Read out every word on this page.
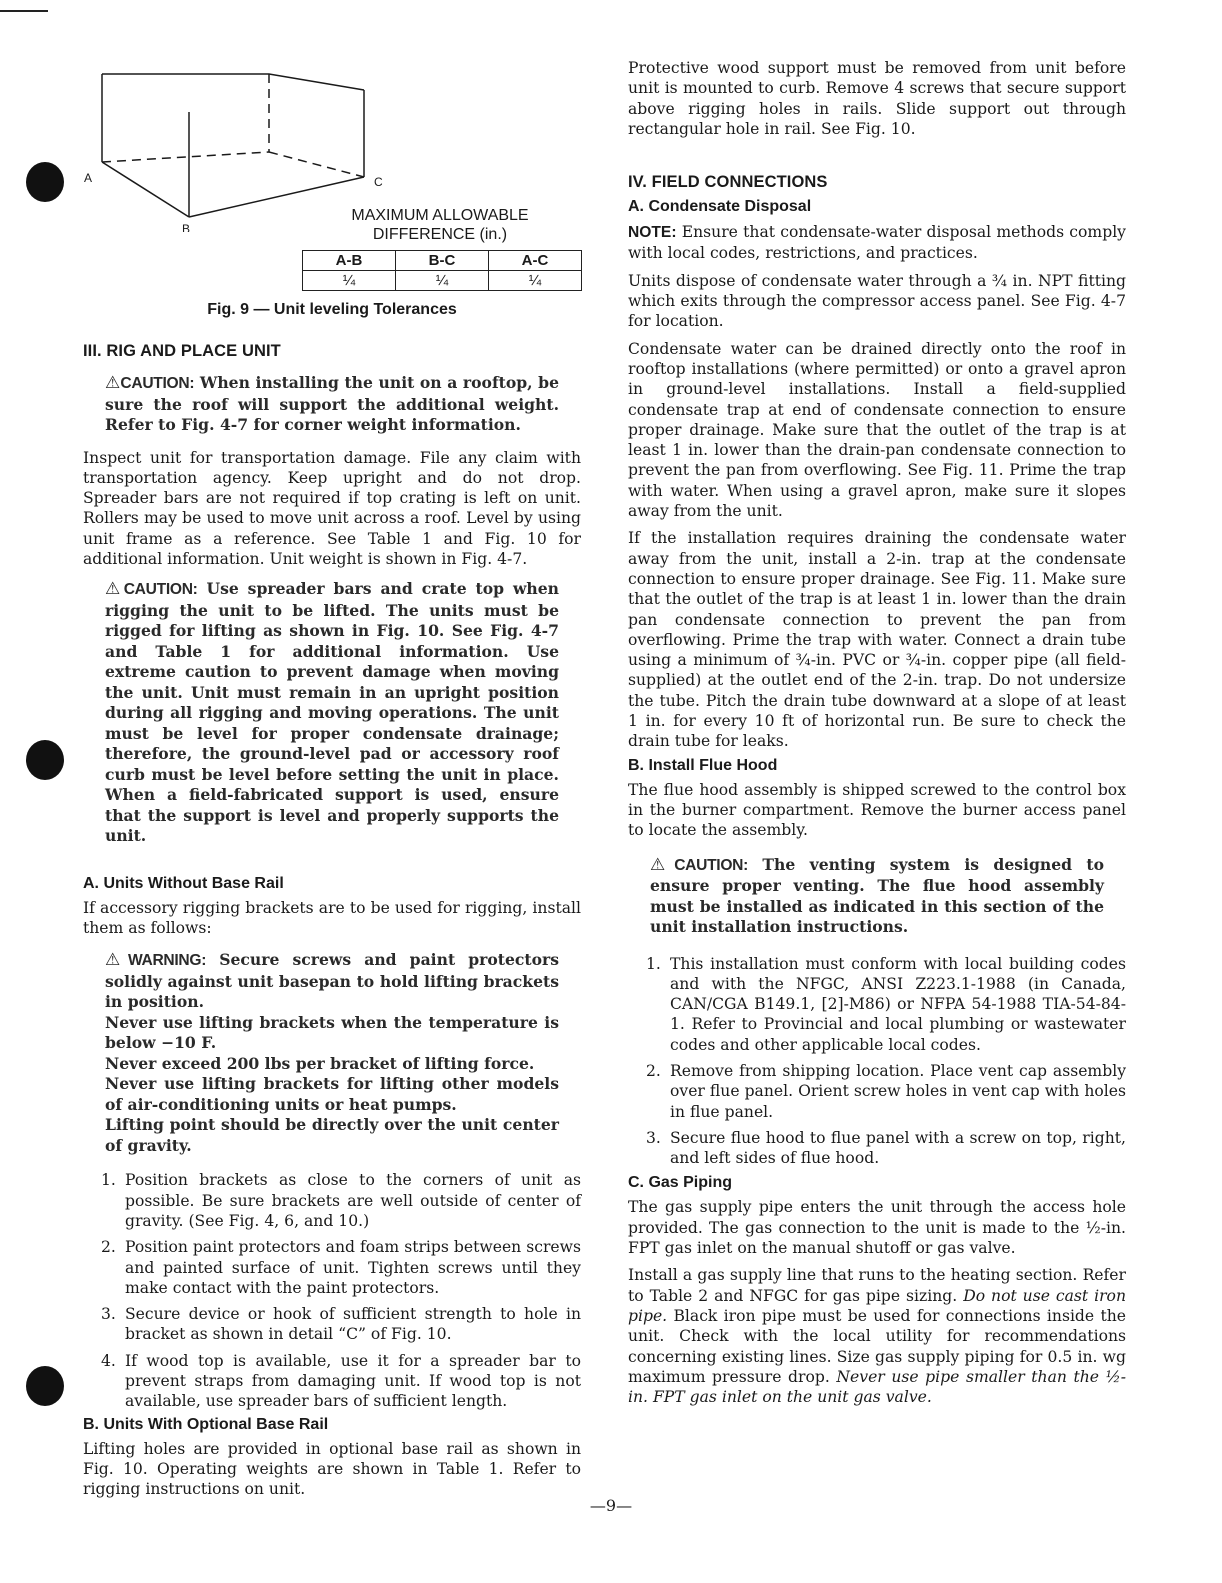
A
B
C
MAXIMUM ALLOWABLE
DIFFERENCE (in.)
A-B	B-C	A-C
¼	¼	¼
Fig. 9 — Unit leveling Tolerances
III. RIG AND PLACE UNIT
⚠CAUTION: When installing the unit on a rooftop, be sure the roof will support the additional weight. Refer to Fig. 4-7 for corner weight information.

Inspect unit for transportation damage. File any claim with transportation agency. Keep upright and do not drop. Spreader bars are not required if top crating is left on unit. Rollers may be used to move unit across a roof. Level by using unit frame as a reference. See Table 1 and Fig. 10 for additional information. Unit weight is shown in Fig. 4-7.

⚠CAUTION: Use spreader bars and crate top when rigging the unit to be lifted. The units must be rigged for lifting as shown in Fig. 10. See Fig. 4-7 and Table 1 for additional information. Use extreme caution to prevent damage when moving the unit. Unit must remain in an upright position during all rigging and moving operations. The unit must be level for proper condensate drainage; therefore, the ground-level pad or accessory roof curb must be level before setting the unit in place. When a field-fabricated support is used, ensure that the support is level and properly supports the unit.
A. Units Without Base Rail

If accessory rigging brackets are to be used for rigging, install them as follows:

⚠WARNING: Secure screws and paint protectors solidly against unit basepan to hold lifting brackets in position.
Never use lifting brackets when the temperature is below −10 F.
Never exceed 200 lbs per bracket of lifting force.
Never use lifting brackets for lifting other models of air-conditioning units or heat pumps.
Lifting point should be directly over the unit center of gravity.
1. Position brackets as close to the corners of unit as possible. Be sure brackets are well outside of center of gravity. (See Fig. 4, 6, and 10.)
2. Position paint protectors and foam strips between screws and painted surface of unit. Tighten screws until they make contact with the paint protectors.
3. Secure device or hook of sufficient strength to hole in bracket as shown in detail “C” of Fig. 10.
4. If wood top is available, use it for a spreader bar to prevent straps from damaging unit. If wood top is not available, use spreader bars of sufficient length.
B. Units With Optional Base Rail

Lifting holes are provided in optional base rail as shown in Fig. 10. Operating weights are shown in Table 1. Refer to rigging instructions on unit.

Protective wood support must be removed from unit before unit is mounted to curb. Remove 4 screws that secure support above rigging holes in rails. Slide support out through rectangular hole in rail. See Fig. 10.

IV. FIELD CONNECTIONS
A. Condensate Disposal

NOTE: Ensure that condensate-water disposal methods comply with local codes, restrictions, and practices.

Units dispose of condensate water through a ¾ in. NPT fitting which exits through the compressor access panel. See Fig. 4-7 for location.

Condensate water can be drained directly onto the roof in rooftop installations (where permitted) or onto a gravel apron in ground-level installations. Install a field-supplied condensate trap at end of condensate connection to ensure proper drainage. Make sure that the outlet of the trap is at least 1 in. lower than the drain-pan condensate connection to prevent the pan from overflowing. See Fig. 11. Prime the trap with water. When using a gravel apron, make sure it slopes away from the unit.

If the installation requires draining the condensate water away from the unit, install a 2-in. trap at the condensate connection to ensure proper drainage. See Fig. 11. Make sure that the outlet of the trap is at least 1 in. lower than the drain pan condensate connection to prevent the pan from overflowing. Prime the trap with water. Connect a drain tube using a minimum of ¾-in. PVC or ¾-in. copper pipe (all field-supplied) at the outlet end of the 2-in. trap. Do not undersize the tube. Pitch the drain tube downward at a slope of at least 1 in. for every 10 ft of horizontal run. Be sure to check the drain tube for leaks.

B. Install Flue Hood

The flue hood assembly is shipped screwed to the control box in the burner compartment. Remove the burner access panel to locate the assembly.

⚠CAUTION: The venting system is designed to ensure proper venting. The flue hood assembly must be installed as indicated in this section of the unit installation instructions.
1. This installation must conform with local building codes and with the NFGC, ANSI Z223.1-1988 (in Canada, CAN/CGA B149.1, [2]-M86) or NFPA 54-1988 TIA-54-84-1. Refer to Provincial and local plumbing or wastewater codes and other applicable local codes.
2. Remove from shipping location. Place vent cap assembly over flue panel. Orient screw holes in vent cap with holes in flue panel.
3. Secure flue hood to flue panel with a screw on top, right, and left sides of flue hood.
C. Gas Piping

The gas supply pipe enters the unit through the access hole provided. The gas connection to the unit is made to the ½-in. FPT gas inlet on the manual shutoff or gas valve.

Install a gas supply line that runs to the heating section. Refer to Table 2 and NFGC for gas pipe sizing. Do not use cast iron pipe. Black iron pipe must be used for connections inside the unit. Check with the local utility for recommendations concerning existing lines. Size gas supply piping for 0.5 in. wg maximum pressure drop. Never use pipe smaller than the ½- in. FPT gas inlet on the unit gas valve.

—9—
